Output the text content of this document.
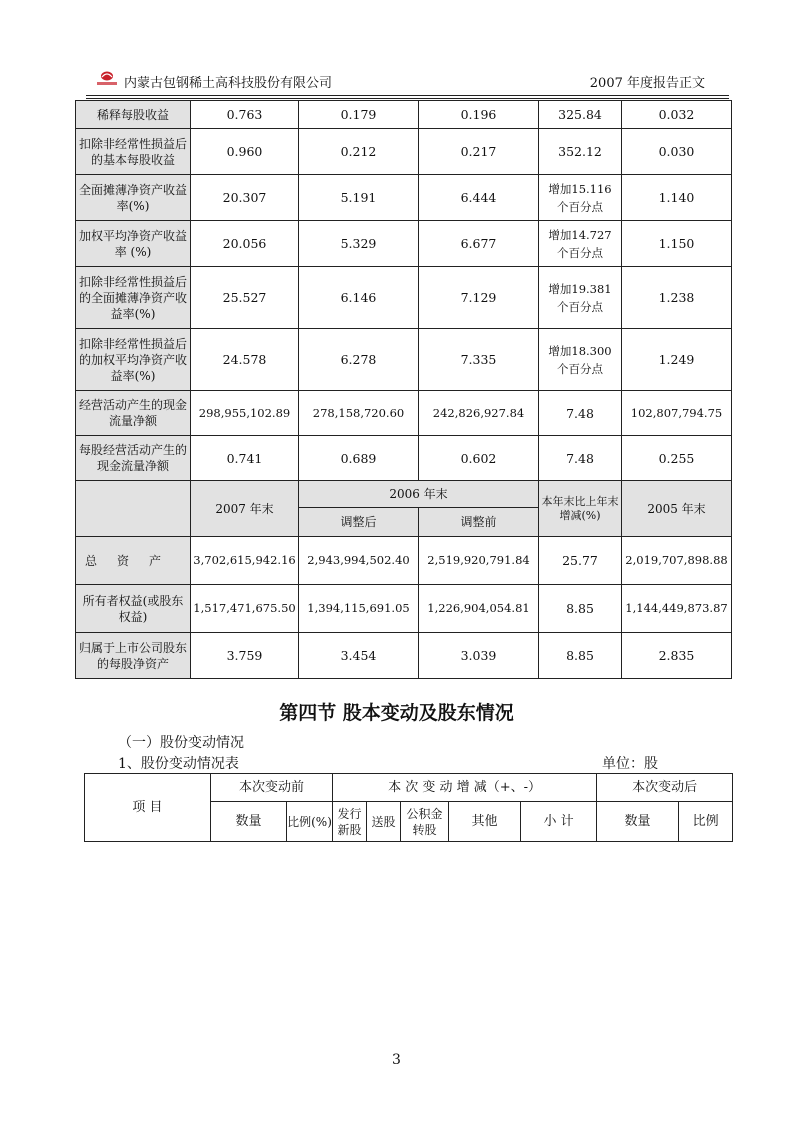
内蒙古包钢稀土高科技股份有限公司	2007 年度报告正文
稀释每股收益	0.763	0.179	0.196	325.84	0.032
扣除非经常性损益后的基本每股收益	0.960	0.212	0.217	352.12	0.030
全面摊薄净资产收益率(%)	20.307	5.191	6.444	增加15.116 个百分点	1.140
加权平均净资产收益率 (%)	20.056	5.329	6.677	增加14.727 个百分点	1.150
扣除非经常性损益后的全面摊薄净资产收益率(%)	25.527	6.146	7.129	增加19.381 个百分点	1.238
扣除非经常性损益后的加权平均净资产收益率(%)	24.578	6.278	7.335	增加18.300 个百分点	1.249
经营活动产生的现金流量净额	298,955,102.89	278,158,720.60	242,826,927.84	7.48	102,807,794.75
每股经营活动产生的现金流量净额	0.741	0.689	0.602	7.48	0.255
	2007 年末	2006 年末		本年末比上年末增减(%)	2005 年末
		调整后	调整前		
总资产	3,702,615,942.16	2,943,994,502.40	2,519,920,791.84	25.77	2,019,707,898.88
所有者权益(或股东权益)	1,517,471,675.50	1,394,115,691.05	1,226,904,054.81	8.85	1,144,449,873.87
归属于上市公司股东的每股净资产	3.759	3.454	3.039	8.85	2.835
第四节 股本变动及股东情况
（一）股份变动情况
1、股份变动情况表	单位：股
项 目	本次变动前		本 次 变 动 增 减（+、-）					本次变动后	
	数量	比例(%)	发行新股	送股	公积金转股	其他	小 计	数量	比例
3
